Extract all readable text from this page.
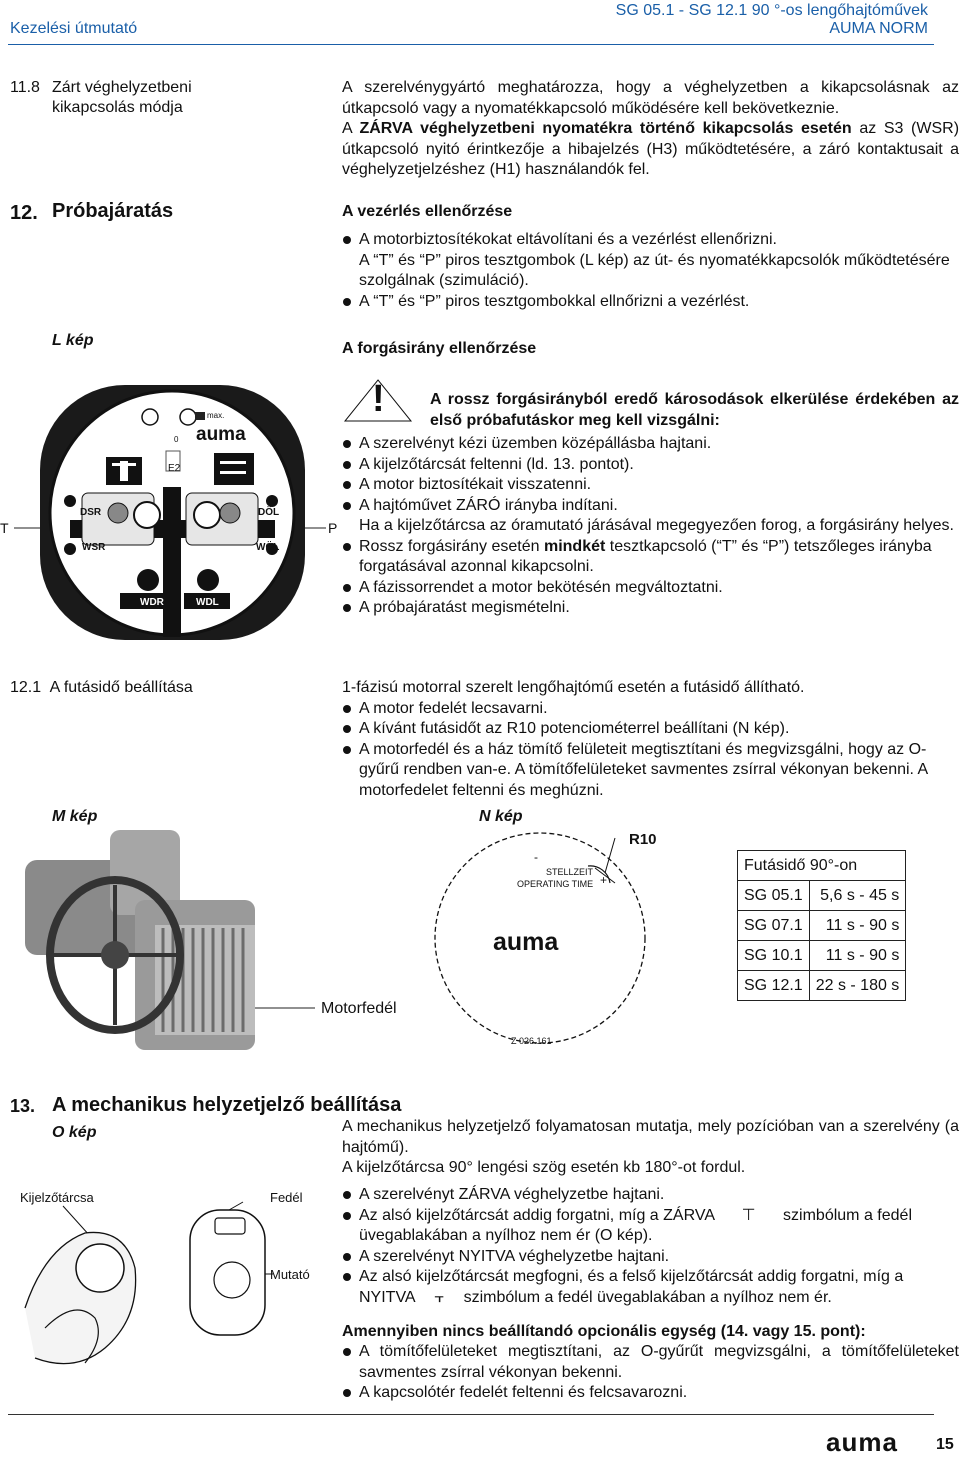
Kezelési útmutató
SG 05.1 - SG 12.1 90 °-os lengőhajtóművek
AUMA NORM
11.8 Zárt véghelyzetbeni
kikapcsolás módja

A szerelvénygyártó meghatározza, hogy a véghelyzetben a kikapcsolásnak az útkapcsoló vagy a nyomatékkapcsoló működésére kell bekövetkeznie.

A ZÁRVA véghelyzetbeni nyomatékra történő kikapcsolás esetén az S3 (WSR) útkapcsoló nyitó érintkezője a hibajelzés (H3) működtetésére, a záró kontaktusait a véghelyzetjelzéshez (H1) használandók fel.

12. Próbajáratás	A vezérlés ellenőrzése
A motorbiztosítékokat eltávolítani és a vezérlést ellenőrizni.
A “T” és “P” piros tesztgombok (L kép) az út- és nyomatékkapcsolók működtetésére szolgálnak (szimuláció).
A “T” és “P” piros tesztgombokkal ellnőrizni a vezérlést.
L kép	A forgásirány ellenőrzése
T	P
DSR
WSR
WDR
DÖL
WÖL
WDL
E2
max.
0 auma
!	A rossz forgásirányból eredő károsodások elkerülése érdekében az első próbafutáskor meg kell vizsgálni:
A szerelvényt kézi üzemben középállásba hajtani.
A kijelzőtárcsát feltenni (ld. 13. pontot).
A motor biztosítékait visszatenni.
A hajtóművet ZÁRÓ irányba indítani.
Ha a kijelzőtárcsa az óramutató járásával megegyezően forog, a forgásirány helyes.
Rossz forgásirány esetén mindkét tesztkapcsoló (“T” és “P”) tetszőleges irányba forgatásával azonnal kikapcsolni.
A fázissorrendet a motor bekötésén megváltoztatni.
A próbajáratást megismételni.
12.1 A futásidő beállítása	1-fázisú motorral szerelt lengőhajtómű esetén a futásidő állítható.

A motor fedelét lecsavarni.
A kívánt futásidőt az R10 potenciométerrel beállítani (N kép).
A motorfedél és a ház tömítő felületeit megtisztítani és megvizsgálni, hogy az O-gyűrű rendben van-e. A tömítőfelületeket savmentes zsírral vékonyan bekenni. A motorfedelet feltenni és meghúzni.
M kép
Motorfedél
N kép
-
+
STELLZEIT
OPERATING TIME
auma
Z 026.161
R10
Futásidő 90°-on	
SG 05.1	5,6 s - 45 s
SG 07.1	11 s - 90 s
SG 10.1	11 s - 90 s
SG 12.1	22 s - 180 s
13. A mechanikus helyzetjelző beállítása
O kép
Kijelzőtárcsa	Fedél
Mutató

A mechanikus helyzetjelző folyamatosan mutatja, mely pozícióban van a szerelvény (a hajtómű).

A kijelzőtárcsa 90° lengési szög esetén kb 180°-ot fordul.

A szerelvényt ZÁRVA véghelyzetbe hajtani.
Az alsó kijelzőtárcsát addig forgatni, míg a ZÁRVA ⊤ szimbólum a fedél üvegablakában a nyílhoz nem ér (O kép).
A szerelvényt NYITVA véghelyzetbe hajtani.
Az alsó kijelzőtárcsát megfogni, és a felső kijelzőtárcsát addig forgatni, míg a NYITVA ⫟ szimbólum a fedél üvegablakában a nyílhoz nem ér.
Amennyiben nincs beállítandó opcionális egység (14. vagy 15. pont):
A tömítőfelületeket megtisztítani, az O-gyűrűt megvizsgálni, a tömítőfelületeket savmentes zsírral vékonyan bekenni.
A kapcsolótér fedelét feltenni és felcsavarozni.
auma 15
